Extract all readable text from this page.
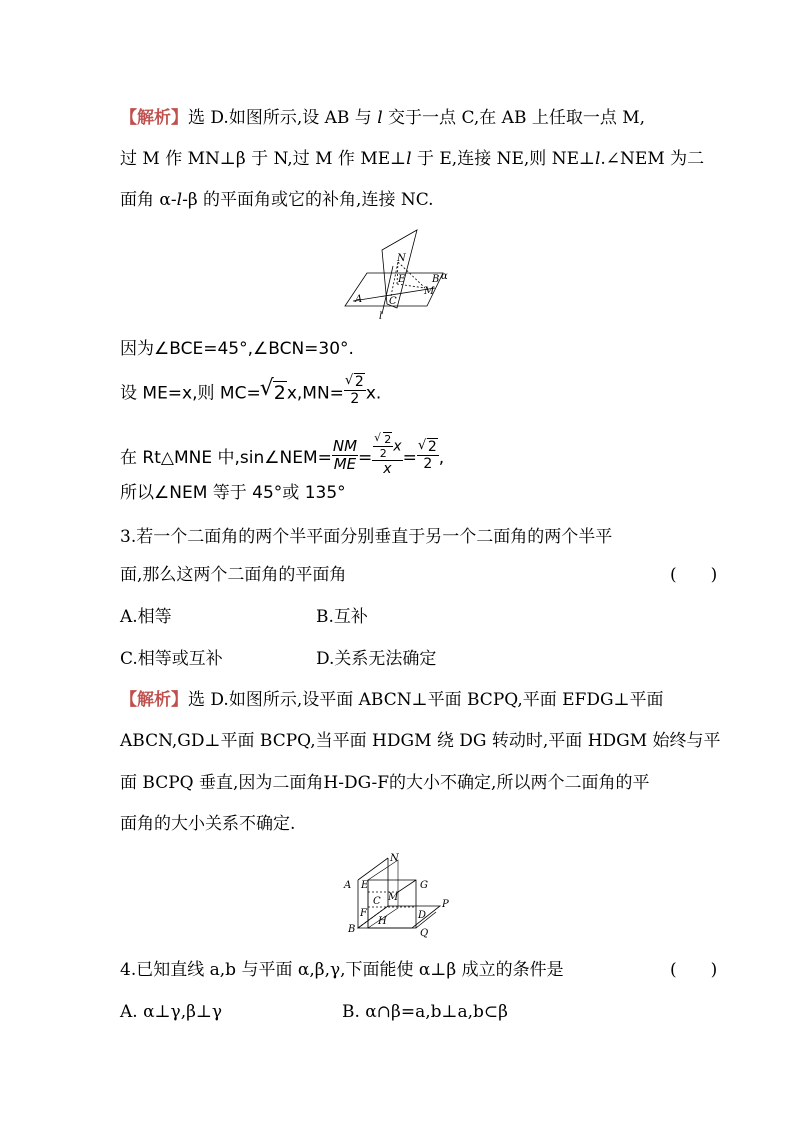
【解析】选 D.如图所示,设 AB 与 l 交于一点 C,在 AB 上任取一点 M,
过 M 作 MN⊥β 于 N,过 M 作 ME⊥l 于 E,连接 NE,则 NE⊥l.∠NEM 为二
面角 α-l-β 的平面角或它的补角,连接 NC.
N
E	B α
M
A	C
l
因为∠BCE=45°,∠BCN=30°.
设 ME=x,则 MC= √ $2x,MN= \frac{√ 2}{2} x$.
在 Rt△MNE 中,sin∠NEM= $\frac{NM}{ME} = \frac{\frac{√ 2}{2} x}{x} = \frac{√ 2}{2}$ ,
所以∠NEM 等于 45°或 135°
3.若一个二面角的两个半平面分别垂直于另一个二面角的两个半平
面,那么这两个二面角的平面角	(　　)
A.相等	B.互补
C.相等或互补	D.关系无法确定
【解析】选 D.如图所示,设平面 ABCN⊥平面 BCPQ,平面 EFDG⊥平面
ABCN,GD⊥平面 BCPQ,当平面 HDGM 绕 DG 转动时,平面 HDGM 始终与平
面 BCPQ 垂直,因为二面角H-DG-F的大小不确定,所以两个二面角的平
面角的大小关系不确定.
N
A E	G
C M
P
F	D
B
H
Q
4.已知直线 a,b 与平面 α,β,γ,下面能使 α⊥β 成立的条件是	(　　)
A. α⊥γ,β⊥γ	B. α∩β=a,b⊥a,b⊂β
